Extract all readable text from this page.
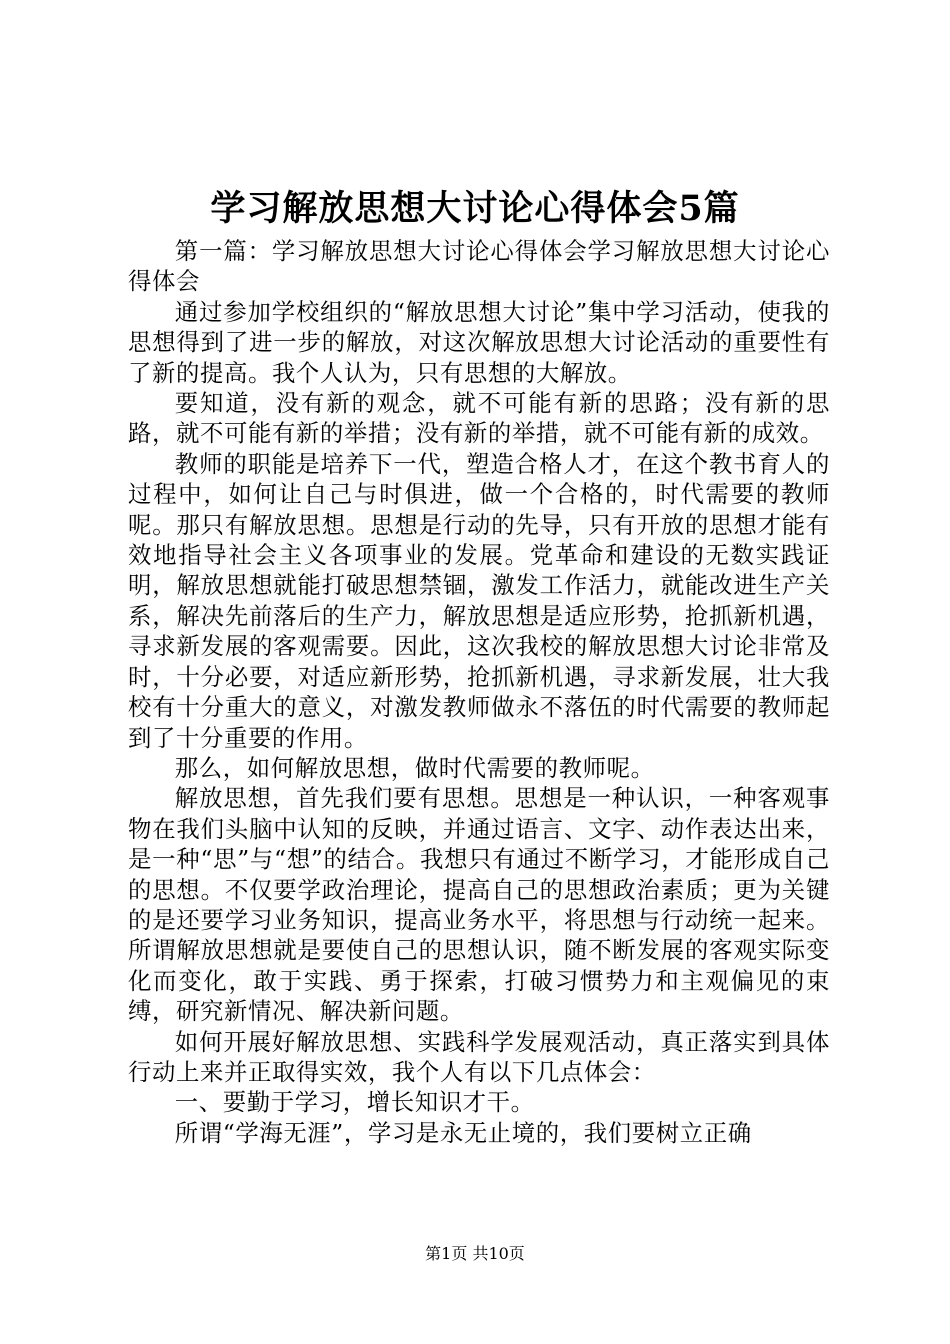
学习解放思想大讨论心得体会5篇

第一篇：学习解放思想大讨论心得体会学习解放思想大讨论心得体会

通过参加学校组织的“解放思想大讨论”集中学习活动，使我的思想得到了进一步的解放，对这次解放思想大讨论活动的重要性有了新的提高。我个人认为，只有思想的大解放。

要知道，没有新的观念，就不可能有新的思路；没有新的思路，就不可能有新的举措；没有新的举措，就不可能有新的成效。

教师的职能是培养下一代，塑造合格人才，在这个教书育人的过程中，如何让自己与时俱进，做一个合格的，时代需要的教师呢。那只有解放思想。思想是行动的先导，只有开放的思想才能有效地指导社会主义各项事业的发展。党革命和建设的无数实践证明，解放思想就能打破思想禁锢，激发工作活力，就能改进生产关系，解决先前落后的生产力，解放思想是适应形势，抢抓新机遇，寻求新发展的客观需要。因此，这次我校的解放思想大讨论非常及时，十分必要，对适应新形势，抢抓新机遇，寻求新发展，壮大我校有十分重大的意义，对激发教师做永不落伍的时代需要的教师起到了十分重要的作用。

那么，如何解放思想，做时代需要的教师呢。

解放思想，首先我们要有思想。思想是一种认识，一种客观事物在我们头脑中认知的反映，并通过语言、文字、动作表达出来，是一种“思”与“想”的结合。我想只有通过不断学习，才能形成自己的思想。不仅要学政治理论，提高自己的思想政治素质；更为关键的是还要学习业务知识，提高业务水平，将思想与行动统一起来。所谓解放思想就是要使自己的思想认识，随不断发展的客观实际变化而变化，敢于实践、勇于探索，打破习惯势力和主观偏见的束缚，研究新情况、解决新问题。

如何开展好解放思想、实践科学发展观活动，真正落实到具体行动上来并正取得实效，我个人有以下几点体会：

一、要勤于学习，增长知识才干。

所谓“学海无涯”，学习是永无止境的，我们要树立正确

第1页 共10页
